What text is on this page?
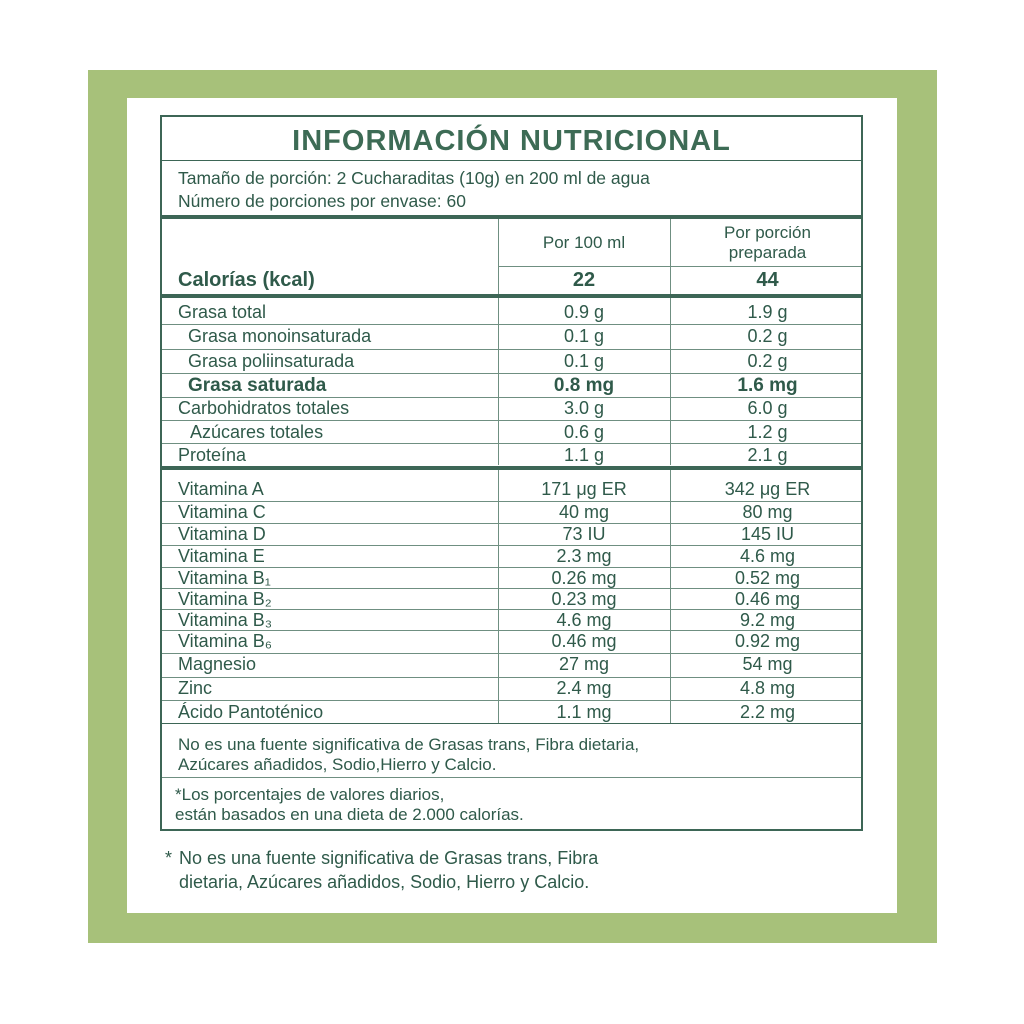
INFORMACIÓN NUTRICIONAL
Tamaño de porción: 2 Cucharaditas (10g) en 200 ml de agua
Número de porciones por envase: 60
Por 100 ml
Por porción
preparada
Calorías (kcal)	22	44
Grasa total	0.9 g	1.9 g
Grasa monoinsaturada	0.1 g	0.2 g
Grasa poliinsaturada	0.1 g	0.2 g
Grasa saturada	0.8 mg	1.6 mg
Carbohidratos totales	3.0 g	6.0 g
Azúcares totales	0.6 g	1.2 g
Proteína	1.1 g	2.1 g
Vitamina A	171 μg ER	342 μg ER
Vitamina C	40 mg	80 mg
Vitamina D	73 IU	145 IU
Vitamina E	2.3 mg	4.6 mg
Vitamina B₁	0.26 mg	0.52 mg
Vitamina B₂	0.23 mg	0.46 mg
Vitamina B₃	4.6 mg	9.2 mg
Vitamina B₆	0.46 mg	0.92 mg
Magnesio	27 mg	54 mg
Zinc	2.4 mg	4.8 mg
Ácido Pantoténico	1.1 mg	2.2 mg
No es una fuente significativa de Grasas trans, Fibra dietaria,
Azúcares añadidos, Sodio,Hierro y Calcio.
*Los porcentajes de valores diarios,
están basados en una dieta de 2.000 calorías.
* No es una fuente significativa de Grasas trans, Fibra
dietaria, Azúcares añadidos, Sodio, Hierro y Calcio.
